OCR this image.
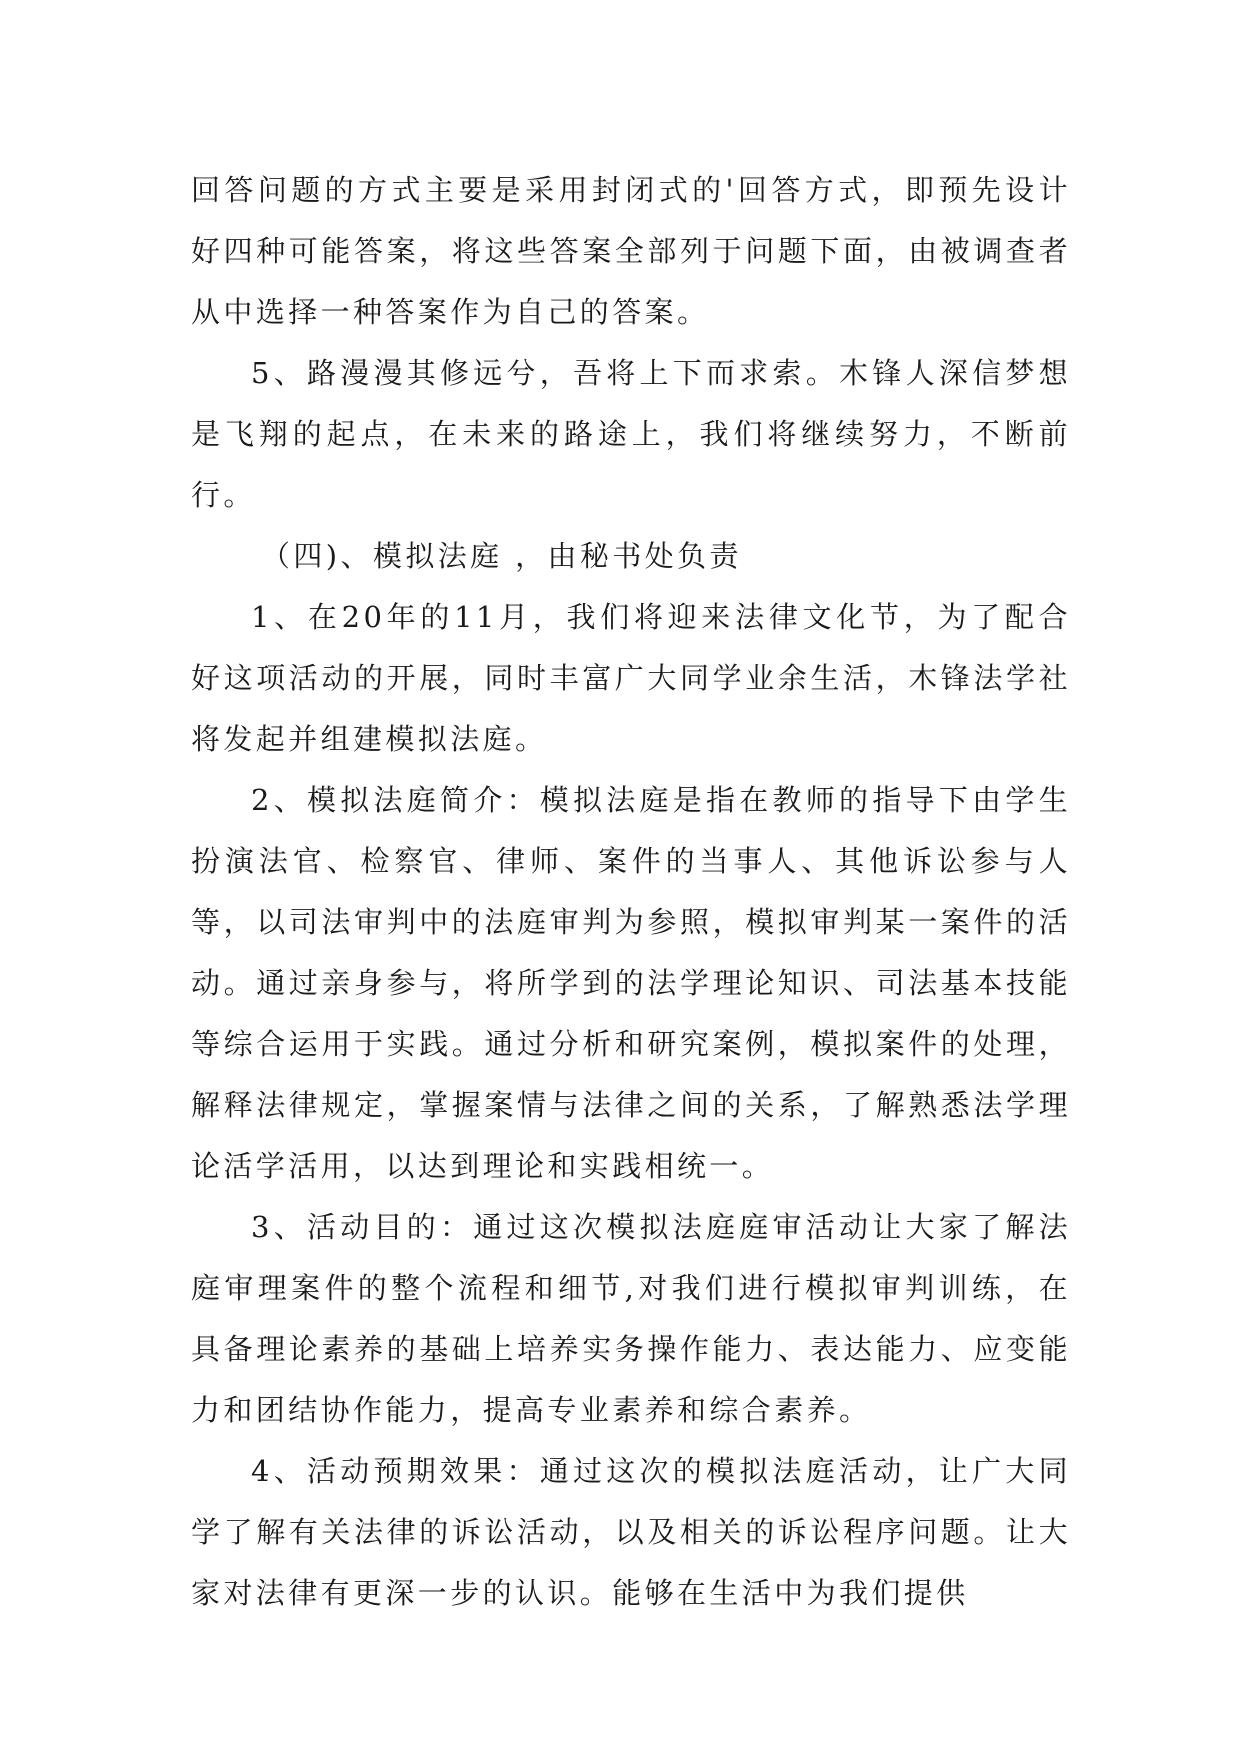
回答问题的方式主要是采用封闭式的'回答方式，即预先设计好四种可能答案，将这些答案全部列于问题下面，由被调查者从中选择一种答案作为自己的答案。

5、路漫漫其修远兮，吾将上下而求索。木锋人深信梦想是飞翔的起点，在未来的路途上，我们将继续努力，不断前行。

（四)、模拟法庭 ，由秘书处负责

1、在20年的11月，我们将迎来法律文化节，为了配合好这项活动的开展，同时丰富广大同学业余生活，木锋法学社将发起并组建模拟法庭。

2、模拟法庭简介：模拟法庭是指在教师的指导下由学生扮演法官、检察官、律师、案件的当事人、其他诉讼参与人等，以司法审判中的法庭审判为参照，模拟审判某一案件的活动。通过亲身参与，将所学到的法学理论知识、司法基本技能等综合运用于实践。通过分析和研究案例，模拟案件的处理，解释法律规定，掌握案情与法律之间的关系，了解熟悉法学理论活学活用，以达到理论和实践相统一。

3、活动目的：通过这次模拟法庭庭审活动让大家了解法庭审理案件的整个流程和细节,对我们进行模拟审判训练，在具备理论素养的基础上培养实务操作能力、表达能力、应变能力和团结协作能力，提高专业素养和综合素养。

4、活动预期效果：通过这次的模拟法庭活动，让广大同学了解有关法律的诉讼活动，以及相关的诉讼程序问题。让大家对法律有更深一步的认识。能够在生活中为我们提供
